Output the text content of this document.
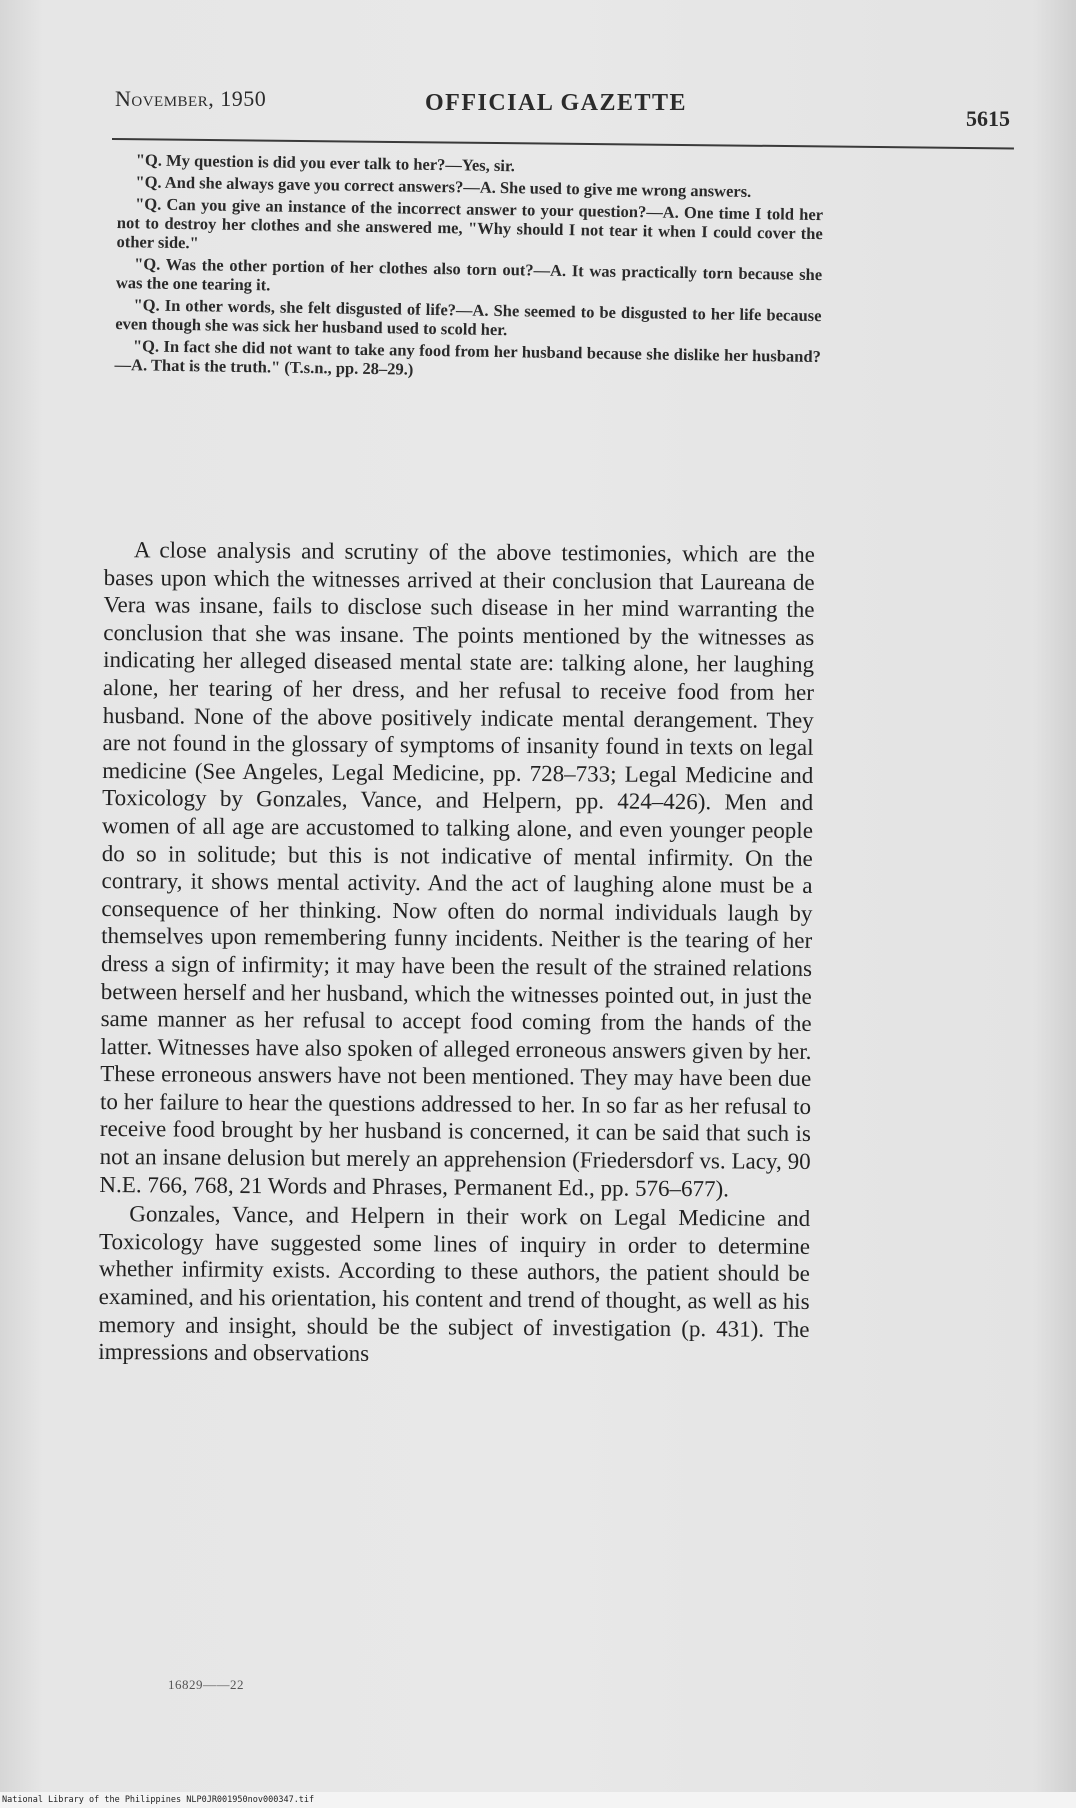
November, 1950	OFFICIAL GAZETTE
5615

"Q. My question is did you ever talk to her?—Yes, sir.

"Q. And she always gave you correct answers?—A. She used to give me wrong answers.

"Q. Can you give an instance of the incorrect answer to your question?—A. One time I told her not to destroy her clothes and she answered me, "Why should I not tear it when I could cover the other side."

"Q. Was the other portion of her clothes also torn out?—A. It was practically torn because she was the one tearing it.

"Q. In other words, she felt disgusted of life?—A. She seemed to be disgusted to her life because even though she was sick her husband used to scold her.

"Q. In fact she did not want to take any food from her husband because she dislike her husband?—A. That is the truth." (T.s.n., pp. 28–29.)

A close analysis and scrutiny of the above testimonies, which are the bases upon which the witnesses arrived at their conclusion that Laureana de Vera was insane, fails to disclose such disease in her mind warranting the conclusion that she was insane. The points mentioned by the witnesses as indicating her alleged diseased mental state are: talking alone, her laughing alone, her tearing of her dress, and her refusal to receive food from her husband. None of the above positively indicate mental derangement. They are not found in the glossary of symptoms of insanity found in texts on legal medicine (See Angeles, Legal Medicine, pp. 728–733; Legal Medicine and Toxicology by Gonzales, Vance, and Helpern, pp. 424–426). Men and women of all age are accustomed to talking alone, and even younger people do so in solitude; but this is not indicative of mental infirmity. On the contrary, it shows mental activity. And the act of laughing alone must be a consequence of her thinking. Now often do normal individuals laugh by themselves upon remembering funny incidents. Neither is the tearing of her dress a sign of infirmity; it may have been the result of the strained relations between herself and her husband, which the witnesses pointed out, in just the same manner as her refusal to accept food coming from the hands of the latter. Witnesses have also spoken of alleged erroneous answers given by her. These erroneous answers have not been mentioned. They may have been due to her failure to hear the questions addressed to her. In so far as her refusal to receive food brought by her husband is concerned, it can be said that such is not an insane delusion but merely an apprehension (Friedersdorf vs. Lacy, 90 N.E. 766, 768, 21 Words and Phrases, Permanent Ed., pp. 576–677).

Gonzales, Vance, and Helpern in their work on Legal Medicine and Toxicology have suggested some lines of inquiry in order to determine whether infirmity exists. According to these authors, the patient should be examined, and his orientation, his content and trend of thought, as well as his memory and insight, should be the subject of investigation (p. 431). The impressions and observations

16829——22
National Library of the Philippines NLP0JR001950nov000347.tif
